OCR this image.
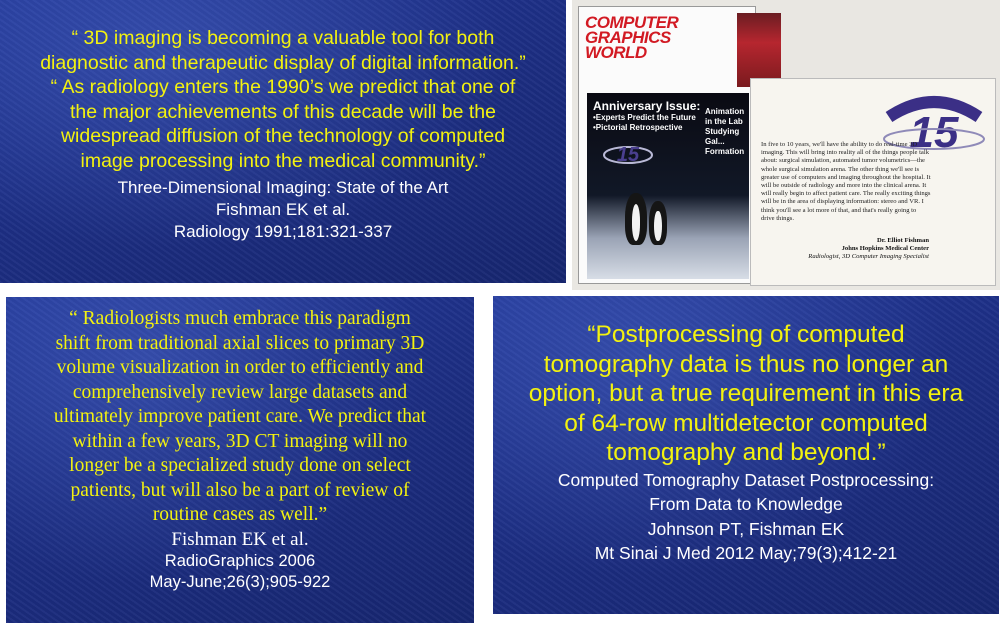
“ 3D imaging is becoming a valuable tool for both
diagnostic and therapeutic display of digital information.”
“ As radiology enters the 1990’s we predict that one of
the major achievements of this decade will be the
widespread diffusion of the technology of computed
image processing into the medical community.”
Three-Dimensional Imaging: State of the Art
Fishman EK et al.
Radiology 1991;181:321-337
COMPUTER GRAPHICS WORLD
Anniversary Issue:
•Experts Predict the Future
•Pictorial Retrospective
Animation in the Lab
Studying Gal... Formation
15	15
In five to 10 years, we'll have the ability to do real-time 3D imaging. This will bring into reality all of the things people talk about: surgical simulation, automated tumor volumetrics—the whole surgical simulation arena. The other thing we'll see is greater use of computers and imaging throughout the hospital. It will be outside of radiology and more into the clinical arena. It will really begin to affect patient care. The really exciting things will be in the area of displaying information: stereo and VR. I think you'll see a lot more of that, and that's really going to drive things.
Dr. Elliot Fishman
Johns Hopkins Medical Center
Radiologist, 3D Computer Imaging Specialist
“ Radiologists much embrace this paradigm
shift from traditional axial slices to primary 3D
volume visualization in order to efficiently and
comprehensively review large datasets and
ultimately improve patient care. We predict that
within a few years, 3D CT imaging will no
longer be a specialized study done on select
patients, but will also be a part of review of
routine cases as well.”
Fishman EK et al.
RadioGraphics 2006
May-June;26(3);905-922
“Postprocessing of computed
tomography data is thus no longer an
option, but a true requirement in this era
of 64-row multidetector computed
tomography and beyond.”
Computed Tomography Dataset Postprocessing:
From Data to Knowledge
Johnson PT, Fishman EK
Mt Sinai J Med 2012 May;79(3);412-21
